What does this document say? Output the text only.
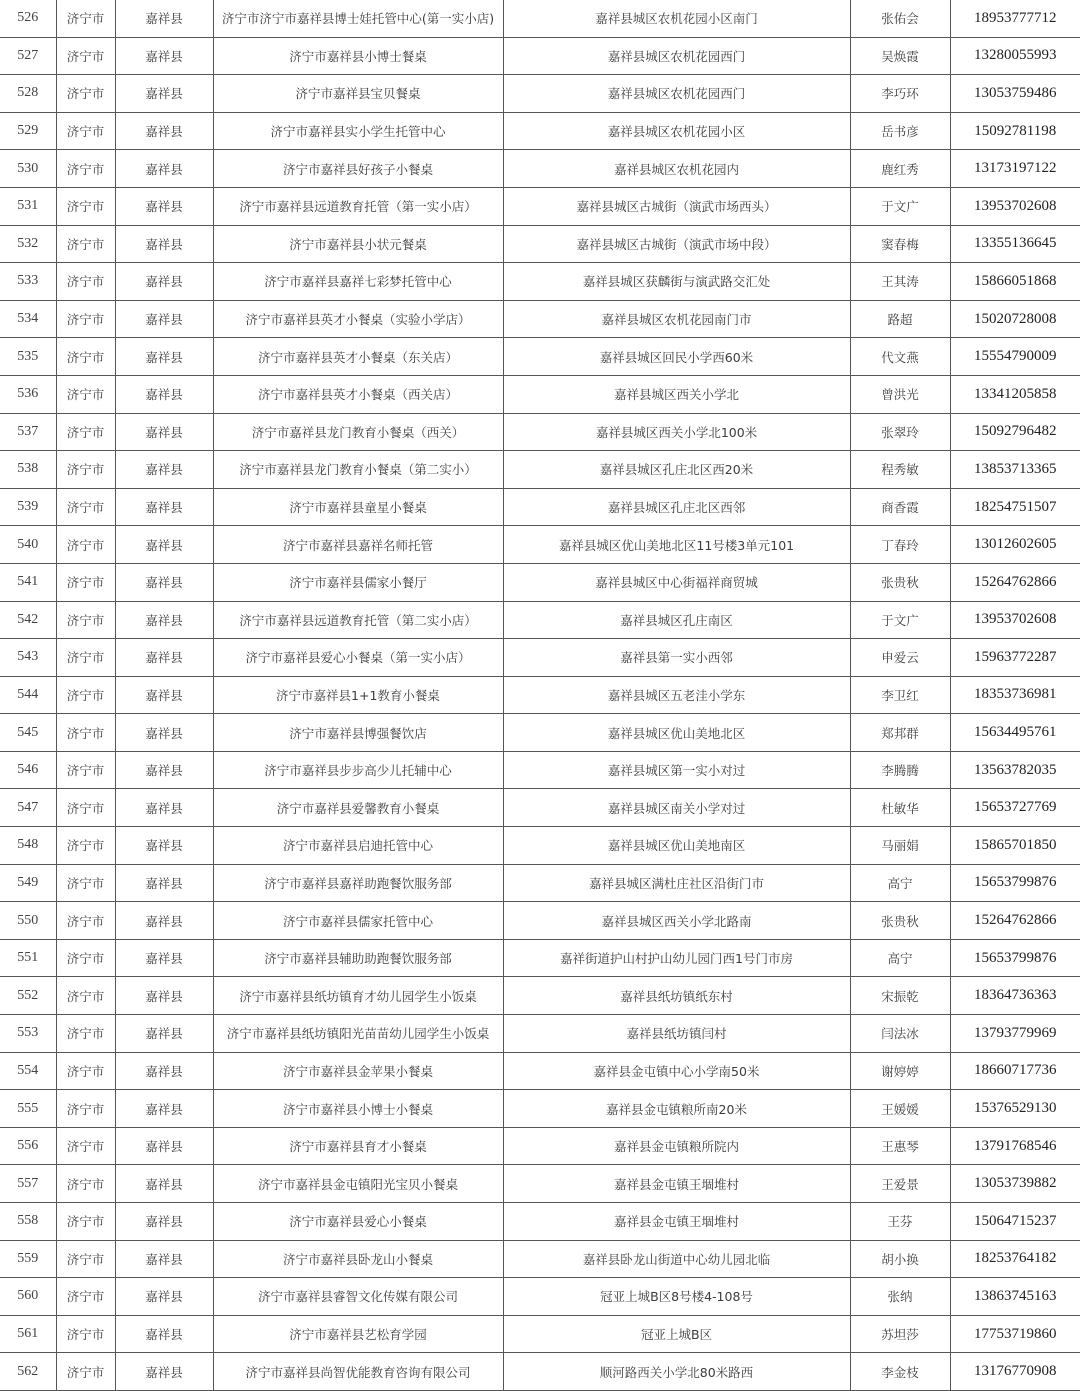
526	济宁市	嘉祥县	济宁市济宁市嘉祥县博士娃托管中心(第一实小店)	嘉祥县城区农机花园小区南门	张佑会	18953777712
527	济宁市	嘉祥县	济宁市嘉祥县小博士餐桌	嘉祥县城区农机花园西门	吴焕霞	13280055993
528	济宁市	嘉祥县	济宁市嘉祥县宝贝餐桌	嘉祥县城区农机花园西门	李巧环	13053759486
529	济宁市	嘉祥县	济宁市嘉祥县实小学生托管中心	嘉祥县城区农机花园小区	岳书彦	15092781198
530	济宁市	嘉祥县	济宁市嘉祥县好孩子小餐桌	嘉祥县城区农机花园内	鹿红秀	13173197122
531	济宁市	嘉祥县	济宁市嘉祥县远道教育托管（第一实小店）	嘉祥县城区古城街（演武市场西头）	于文广	13953702608
532	济宁市	嘉祥县	济宁市嘉祥县小状元餐桌	嘉祥县城区古城街（演武市场中段）	窦春梅	13355136645
533	济宁市	嘉祥县	济宁市嘉祥县嘉祥七彩梦托管中心	嘉祥县城区获麟街与演武路交汇处	王其涛	15866051868
534	济宁市	嘉祥县	济宁市嘉祥县英才小餐桌（实验小学店）	嘉祥县城区农机花园南门市	路超	15020728008
535	济宁市	嘉祥县	济宁市嘉祥县英才小餐桌（东关店）	嘉祥县城区回民小学西60米	代文燕	15554790009
536	济宁市	嘉祥县	济宁市嘉祥县英才小餐桌（西关店）	嘉祥县城区西关小学北	曾洪光	13341205858
537	济宁市	嘉祥县	济宁市嘉祥县龙门教育小餐桌（西关）	嘉祥县城区西关小学北100米	张翠玲	15092796482
538	济宁市	嘉祥县	济宁市嘉祥县龙门教育小餐桌（第二实小）	嘉祥县城区孔庄北区西20米	程秀敏	13853713365
539	济宁市	嘉祥县	济宁市嘉祥县童星小餐桌	嘉祥县城区孔庄北区西邻	商香霞	18254751507
540	济宁市	嘉祥县	济宁市嘉祥县嘉祥名师托管	嘉祥县城区优山美地北区11号楼3单元101	丁春玲	13012602605
541	济宁市	嘉祥县	济宁市嘉祥县儒家小餐厅	嘉祥县城区中心街福祥商贸城	张贵秋	15264762866
542	济宁市	嘉祥县	济宁市嘉祥县远道教育托管（第二实小店）	嘉祥县城区孔庄南区	于文广	13953702608
543	济宁市	嘉祥县	济宁市嘉祥县爱心小餐桌（第一实小店）	嘉祥县第一实小西邻	申爱云	15963772287
544	济宁市	嘉祥县	济宁市嘉祥县1+1教育小餐桌	嘉祥县城区五老洼小学东	李卫红	18353736981
545	济宁市	嘉祥县	济宁市嘉祥县博强餐饮店	嘉祥县城区优山美地北区	郑邦群	15634495761
546	济宁市	嘉祥县	济宁市嘉祥县步步高少儿托辅中心	嘉祥县城区第一实小对过	李腾腾	13563782035
547	济宁市	嘉祥县	济宁市嘉祥县爱馨教育小餐桌	嘉祥县城区南关小学对过	杜敏华	15653727769
548	济宁市	嘉祥县	济宁市嘉祥县启迪托管中心	嘉祥县城区优山美地南区	马丽娟	15865701850
549	济宁市	嘉祥县	济宁市嘉祥县嘉祥助跑餐饮服务部	嘉祥县城区满杜庄社区沿街门市	高宁	15653799876
550	济宁市	嘉祥县	济宁市嘉祥县儒家托管中心	嘉祥县城区西关小学北路南	张贵秋	15264762866
551	济宁市	嘉祥县	济宁市嘉祥县辅助助跑餐饮服务部	嘉祥街道护山村护山幼儿园门西1号门市房	高宁	15653799876
552	济宁市	嘉祥县	济宁市嘉祥县纸坊镇育才幼儿园学生小饭桌	嘉祥县纸坊镇纸东村	宋振乾	18364736363
553	济宁市	嘉祥县	济宁市嘉祥县纸坊镇阳光苗苗幼儿园学生小饭桌	嘉祥县纸坊镇闫村	闫法冰	13793779969
554	济宁市	嘉祥县	济宁市嘉祥县金苹果小餐桌	嘉祥县金屯镇中心小学南50米	谢婷婷	18660717736
555	济宁市	嘉祥县	济宁市嘉祥县小博士小餐桌	嘉祥县金屯镇粮所南20米	王媛媛	15376529130
556	济宁市	嘉祥县	济宁市嘉祥县育才小餐桌	嘉祥县金屯镇粮所院内	王惠琴	13791768546
557	济宁市	嘉祥县	济宁市嘉祥县金屯镇阳光宝贝小餐桌	嘉祥县金屯镇王堌堆村	王爱景	13053739882
558	济宁市	嘉祥县	济宁市嘉祥县爱心小餐桌	嘉祥县金屯镇王堌堆村	王芬	15064715237
559	济宁市	嘉祥县	济宁市嘉祥县卧龙山小餐桌	嘉祥县卧龙山街道中心幼儿园北临	胡小换	18253764182
560	济宁市	嘉祥县	济宁市嘉祥县睿智文化传媒有限公司	冠亚上城B区8号楼4-108号	张纳	13863745163
561	济宁市	嘉祥县	济宁市嘉祥县艺松育学园	冠亚上城B区	苏坦莎	17753719860
562	济宁市	嘉祥县	济宁市嘉祥县尚智优能教育咨询有限公司	顺河路西关小学北80米路西	李金枝	13176770908
